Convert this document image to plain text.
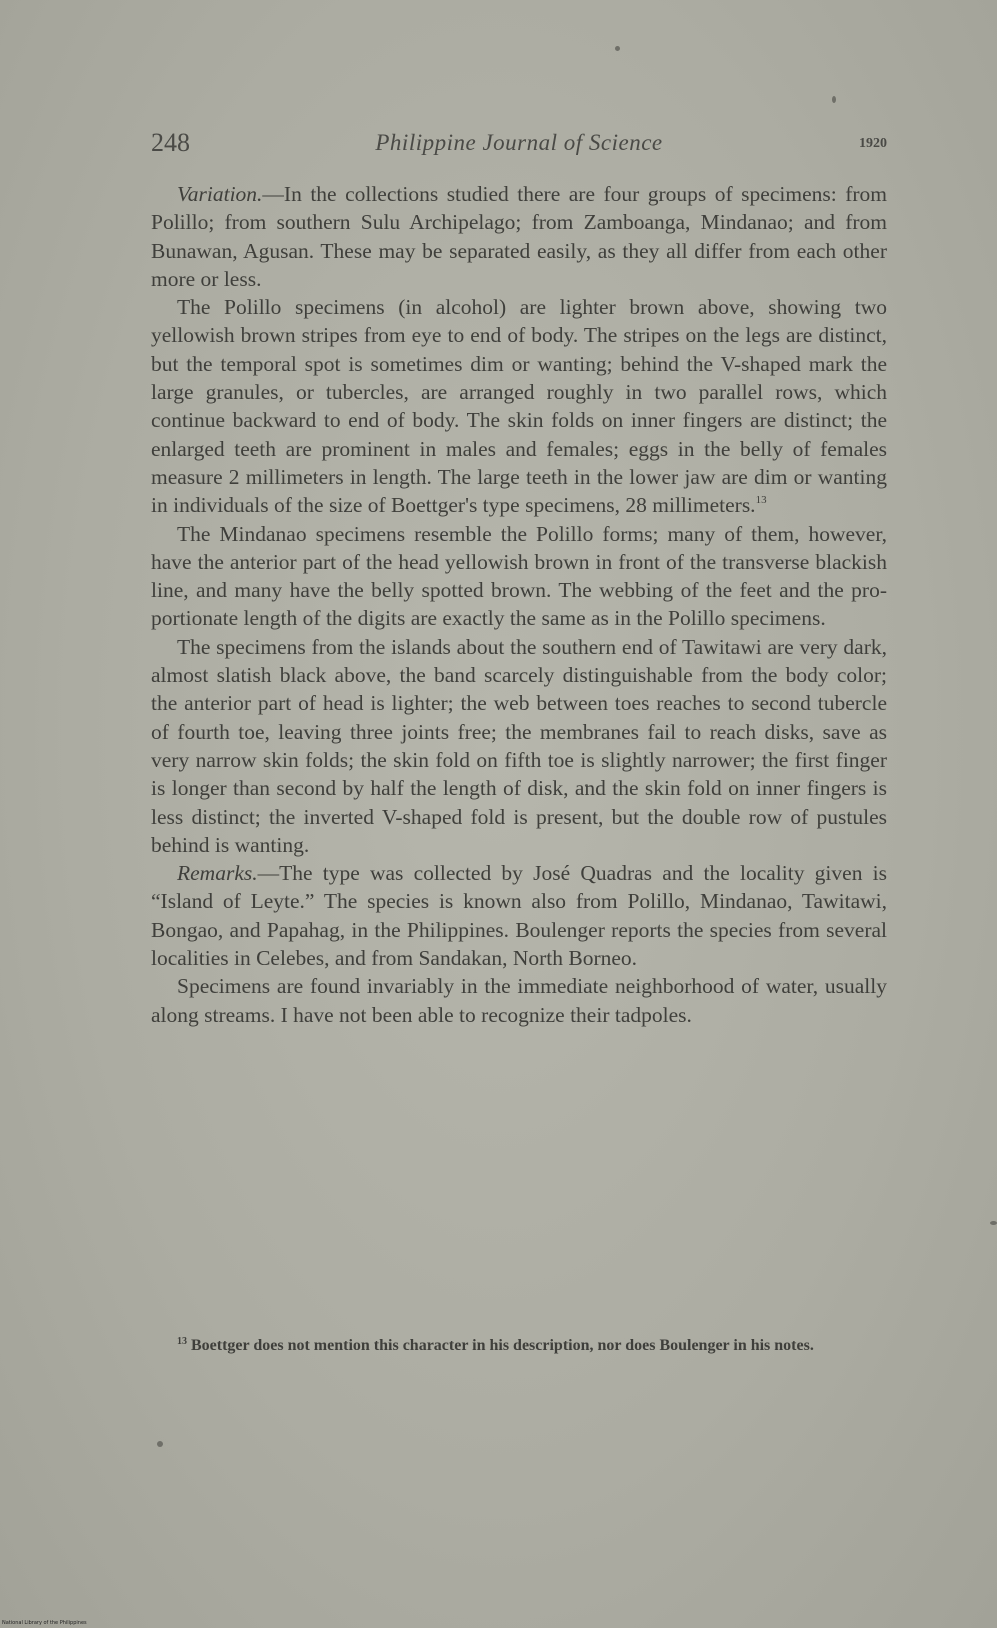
248	Philippine Journal of Science	1920

Variation.—In the collections studied there are four groups of specimens: from Polillo; from southern Sulu Archipelago; from Zamboanga, Mindanao; and from Bunawan, Agusan. These may be separated easily, as they all differ from each other more or less.

The Polillo specimens (in alcohol) are lighter brown above, showing two yellowish brown stripes from eye to end of body. The stripes on the legs are distinct, but the temporal spot is sometimes dim or wanting; behind the V-shaped mark the large granules, or tubercles, are arranged roughly in two parallel rows, which continue backward to end of body. The skin folds on inner fingers are distinct; the enlarged teeth are prominent in males and females; eggs in the belly of females measure 2 millimeters in length. The large teeth in the lower jaw are dim or wanting in individuals of the size of Boettger's type specimens, 28 millimeters.$^{13}$

The Mindanao specimens resemble the Polillo forms; many of them, however, have the anterior part of the head yellowish brown in front of the transverse blackish line, and many have the belly spotted brown. The webbing of the feet and the proportionate length of the digits are exactly the same as in the Polillo specimens.

The specimens from the islands about the southern end of Tawitawi are very dark, almost slatish black above, the band scarcely distinguishable from the body color; the anterior part of head is lighter; the web between toes reaches to second tubercle of fourth toe, leaving three joints free; the membranes fail to reach disks, save as very narrow skin folds; the skin fold on fifth toe is slightly narrower; the first finger is longer than second by half the length of disk, and the skin fold on inner fingers is less distinct; the inverted V-shaped fold is present, but the double row of pustules behind is wanting.

Remarks.—The type was collected by José Quadras and the locality given is “Island of Leyte.” The species is known also from Polillo, Mindanao, Tawitawi, Bongao, and Papahag, in the Philippines. Boulenger reports the species from several localities in Celebes, and from Sandakan, North Borneo.

Specimens are found invariably in the immediate neighborhood of water, usually along streams. I have not been able to recognize their tadpoles.

$^{13}$ Boettger does not mention this character in his description, nor does Boulenger in his notes.
National Library of the Philippines
